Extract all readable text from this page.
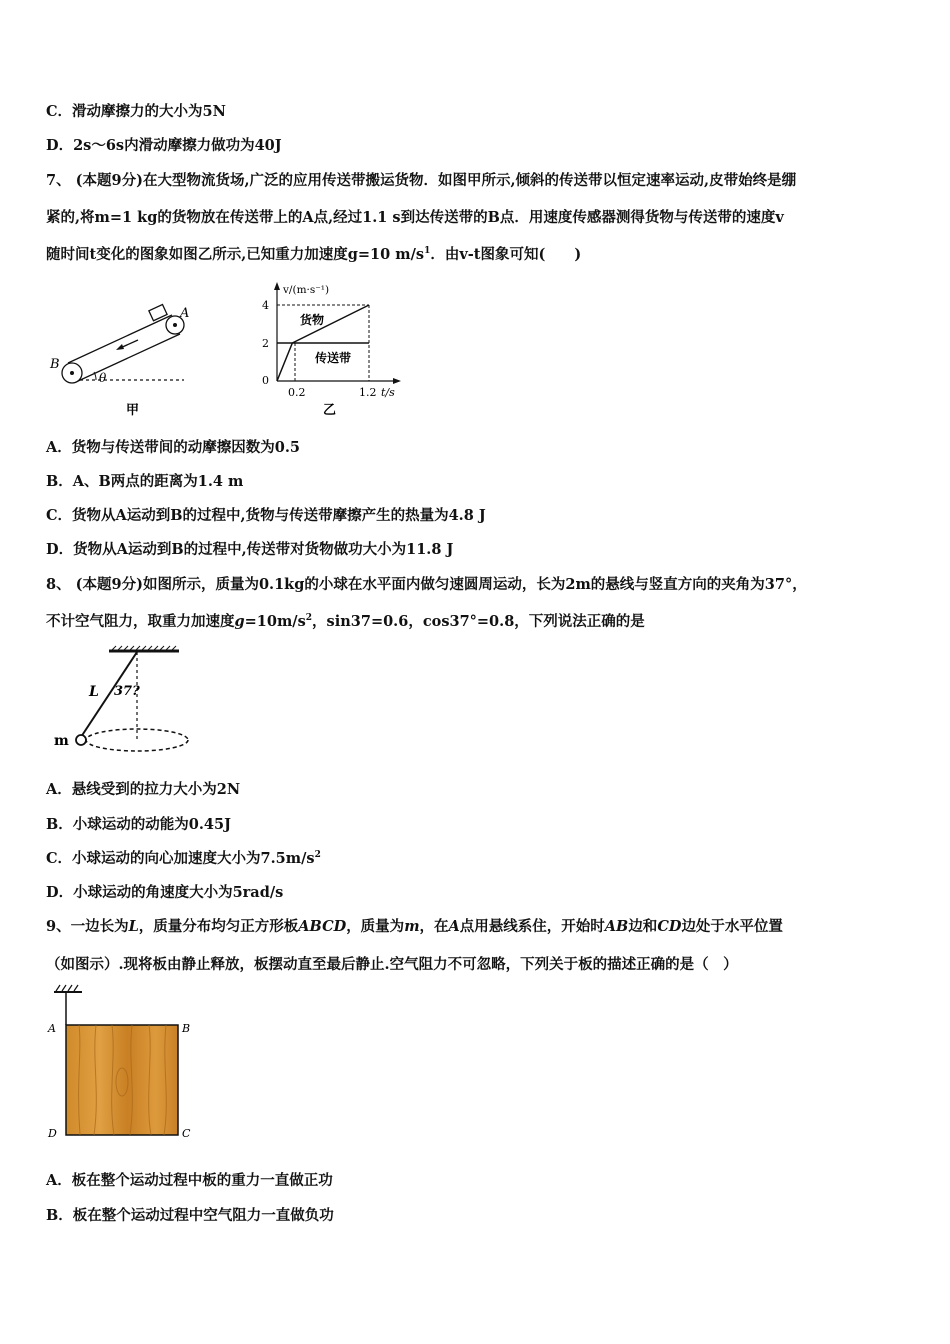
C．滑动摩擦力的大小为5N
D．2s～6s内滑动摩擦力做功为40J
7、 (本题9分)在大型物流货场,广泛的应用传送带搬运货物．如图甲所示,倾斜的传送带以恒定速率运动,皮带始终是绷
紧的,将m=1 kg的货物放在传送带上的A点,经过1.1 s到达传送带的B点．用速度传感器测得货物与传送带的速度v
随时间t变化的图象如图乙所示,已知重力加速度g=10 $m/s^1$．由v-t图象可知(　　)
B
A
θ
甲
v/(m·s⁻¹)
4
2
0
0.2	1.2 t/s
货物
传送带
乙
A．货物与传送带间的动摩擦因数为0.5
B．A、B两点的距离为1.4 m
C．货物从A运动到B的过程中,货物与传送带摩擦产生的热量为4.8 J
D．货物从A运动到B的过程中,传送带对货物做功大小为11.8 J
8、 (本题9分)如图所示，质量为0.1kg的小球在水平面内做匀速圆周运动，长为2m的悬线与竖直方向的夹角为37°，
不计空气阻力，取重力加速度$g=10m/s^2$，sin37=0.6，cos37°=0.8，下列说法正确的是
L 37?
m
A．悬线受到的拉力大小为2N
B．小球运动的动能为0.45J
C．小球运动的向心加速度大小为$7.5m/s^2$
D．小球运动的角速度大小为5rad/s
9、一边长为L，质量分布均匀正方形板ABCD，质量为m，在A点用悬线系住，开始时AB边和CD边处于水平位置
（如图示）.现将板由静止释放，板摆动直至最后静止.空气阻力不可忽略，下列关于板的描述正确的是（　）
A	B
D	C
A．板在整个运动过程中板的重力一直做正功
B．板在整个运动过程中空气阻力一直做负功
